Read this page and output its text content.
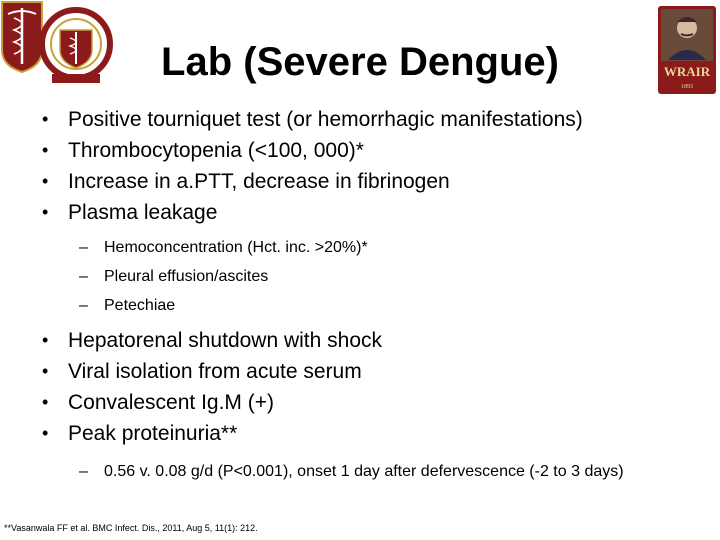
WRAIR
1893
Lab (Severe Dengue)
• Positive tourniquet test (or hemorrhagic manifestations)
• Thrombocytopenia (<100, 000)*
• Increase in a.PTT, decrease in fibrinogen
• Plasma leakage
– Hemoconcentration (Hct. inc. >20%)*
– Pleural effusion/ascites
– Petechiae
• Hepatorenal shutdown with shock
• Viral isolation from acute serum
• Convalescent Ig.M (+)
• Peak proteinuria**
– 0.56 v. 0.08 g/d (P<0.001), onset 1 day after defervescence (-2 to 3 days)
**Vasanwala FF et al. BMC Infect. Dis., 2011, Aug 5, 11(1): 212.
